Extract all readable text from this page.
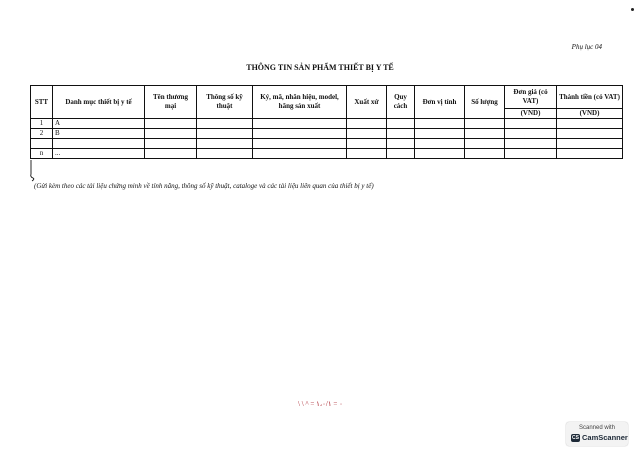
Phụ lục 04
THÔNG TIN SẢN PHẨM THIẾT BỊ Y TẾ
STT	Danh mục thiết bị y tế	Tên thương mại	Thông số kỹ thuật	Ký, mã, nhãn hiệu, model, hãng sản xuất	Xuất xứ	Quy cách	Đơn vị tính	Số lượng	Đơn giá (có VAT)	Thành tiền (có VAT)
									(VND)	(VND)
1	A									
2	B									

n	...									
(Gửi kèm theo các tài liệu chứng minh về tính năng, thông số kỹ thuật, cataloge và các tài liệu liên quan của thiết bị y tế)
\ \ ^ = ٠ = ١،٠/١
Scanned with
CS CamScanner
